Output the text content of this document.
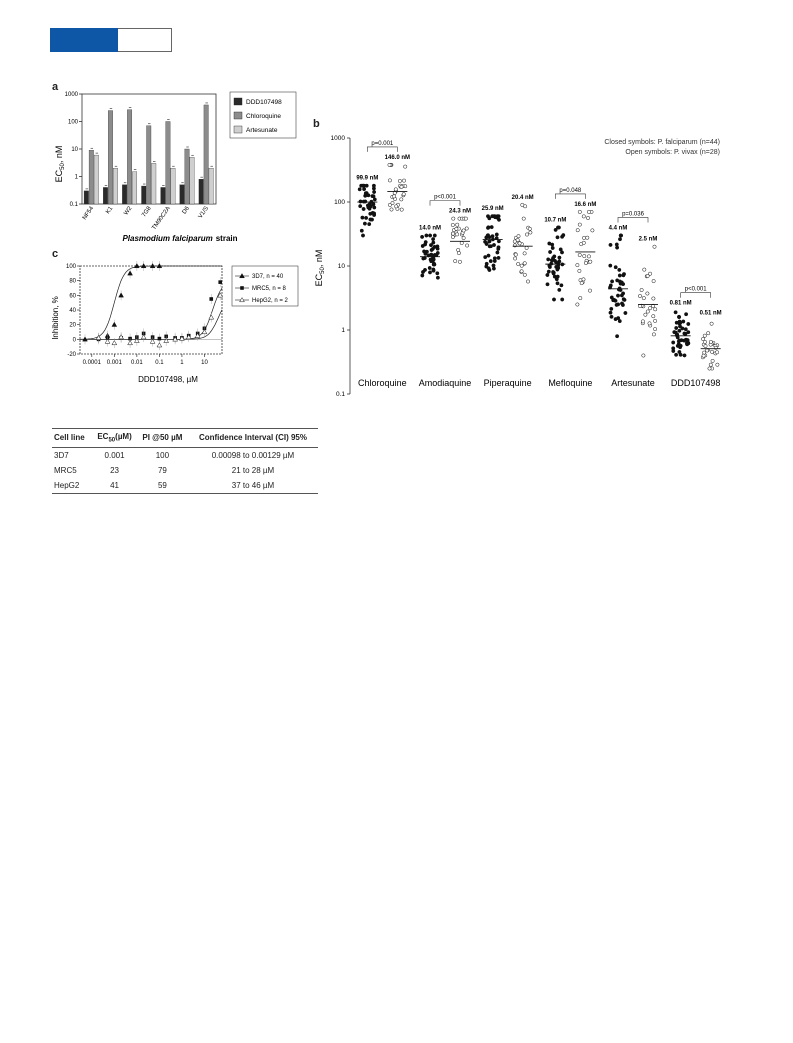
a
1000
100
10
1
0.1
NF54 K1 W2 7G8
TM90C2A D6 V1/S
$EC_{50}$, nM
DDD107498
Chloroquine
Artesunate
Plasmodium falciparum strain
b
1000
100
10
1
0.1
99.9 nM
146.0 nM
p=0.001
Chloroquine
14.0 nM
24.3 nM
p<0.001
Amodiaquine
25.9 nM
20.4 nM
Piperaquine
10.7 nM
16.6 nM
p=0.048
Mefloquine
4.4 nM
2.5 nM
p=0.036
Artesunate
0.81 nM
0.51 nM
p<0.001
DDD107498
$EC_{50}$, nM
Closed symbols: P. falciparum (n=44)
Open symbols: P. vivax (n=28)
c
100
80
60
40
20
0
-20
0.0001 0.001 0.01 0.1	1	10
3D7, n = 40
MRC5, n = 8
HepG2, n = 2
Inhibition, %
DDD107498, µM
Cell line	$EC_{50}(\mu M)$	PI @50 µM	Confidence Interval (CI) 95%
3D7	0.001	100	0.00098 to 0.00129 µM
MRC5	23	79	21 to 28 µM
HepG2	41	59	37 to 46 µM
